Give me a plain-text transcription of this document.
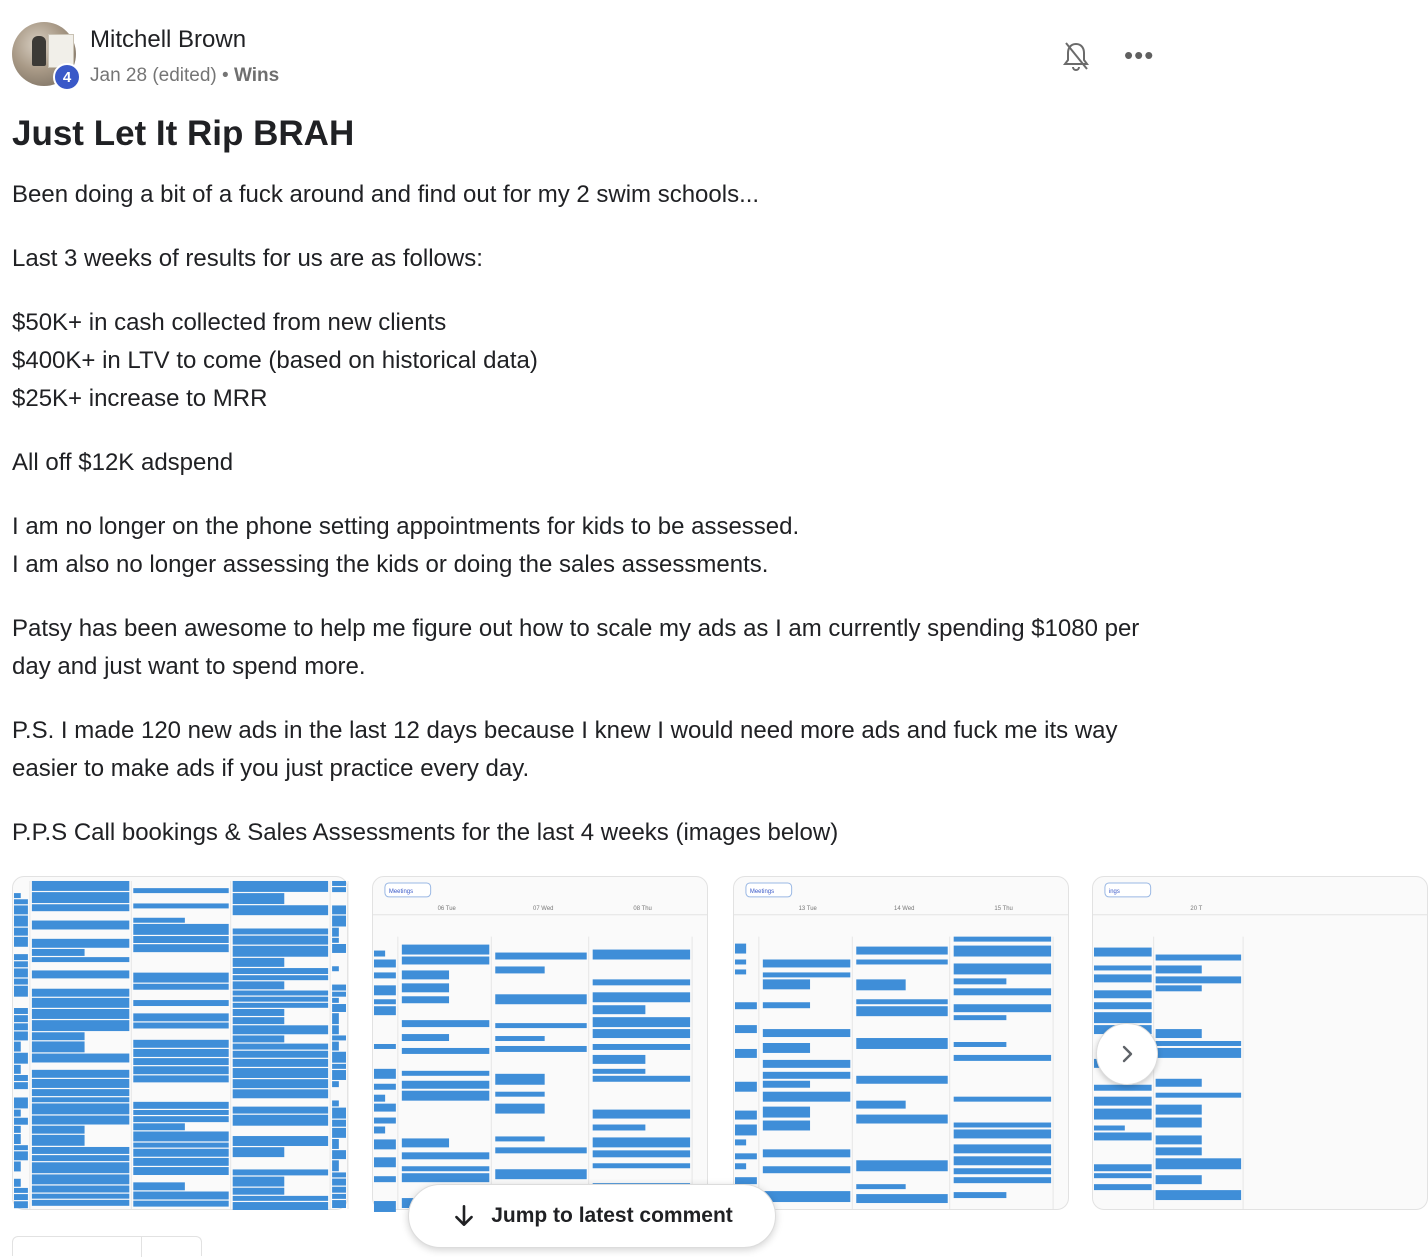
4
Mitchell Brown
Jan 28 (edited) • Wins
•••
Just Let It Rip BRAH

Been doing a bit of a fuck around and find out for my 2 swim schools...

Last 3 weeks of results for us are as follows:

$50K+ in cash collected from new clients
$400K+ in LTV to come (based on historical data)
$25K+ increase to MRR

All off $12K adspend

I am no longer on the phone setting appointments for kids to be assessed.
I am also no longer assessing the kids or doing the sales assessments.

Patsy has been awesome to help me figure out how to scale my ads as I am currently spending $1080 per day and just want to spend more.

P.S. I made 120 new ads in the last 12 days because I knew I would need more ads and fuck me its way easier to make ads if you just practice every day.

P.P.S Call bookings & Sales Assessments for the last 4 weeks (images below)

Meetings
06 Tue	07 Wed	08 Thu
Meetings
13 Tue	14 Wed	15 Thu
ings
20 T
Jump to latest comment
